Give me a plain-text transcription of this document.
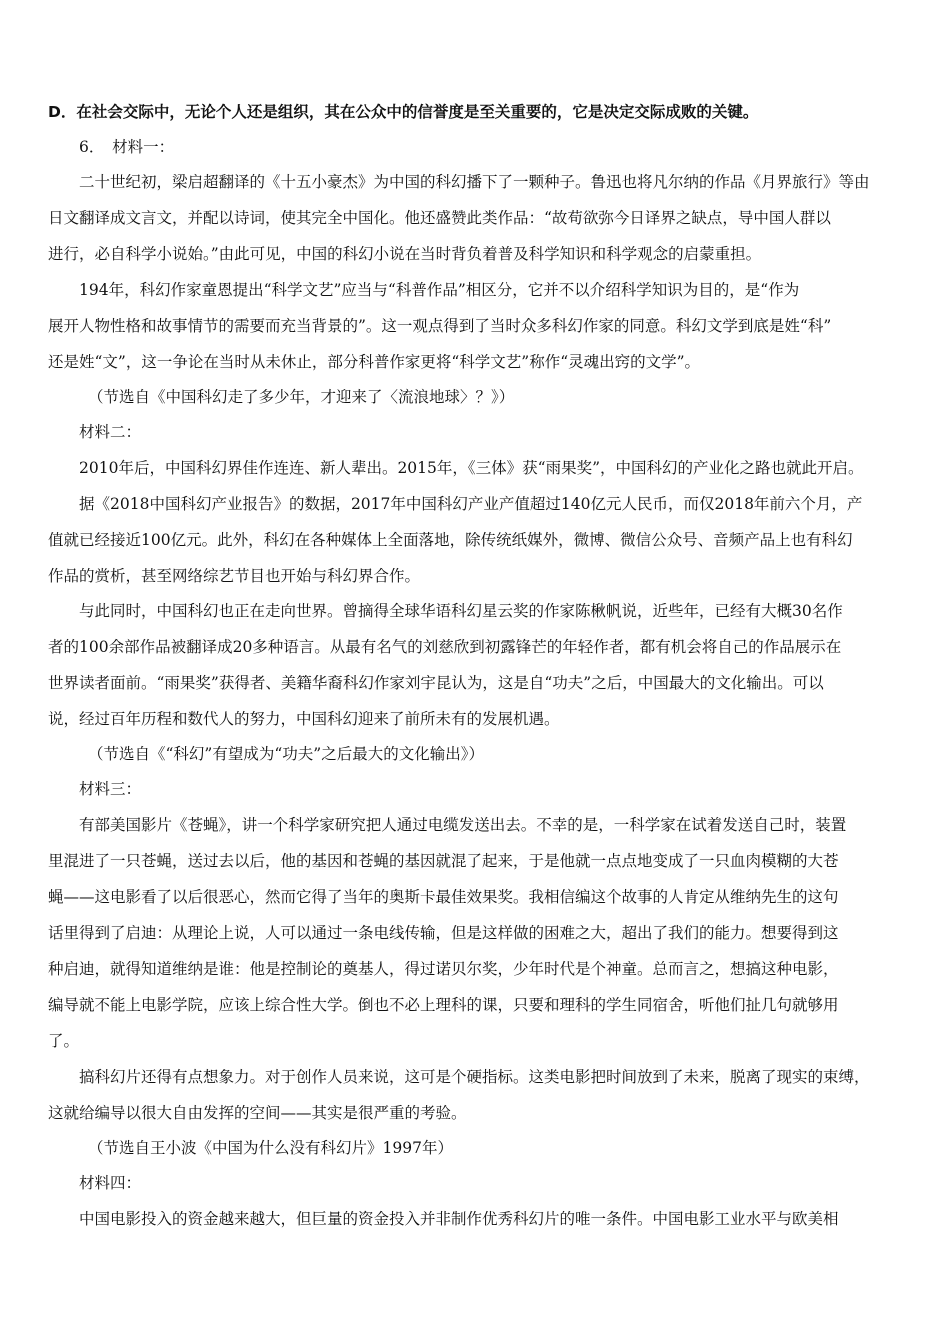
D．在社会交际中，无论个人还是组织，其在公众中的信誉度是至关重要的，它是决定交际成败的关键。
6．　材料一：
二十世纪初，梁启超翻译的《十五小豪杰》为中国的科幻播下了一颗种子。鲁迅也将凡尔纳的作品《月界旅行》等由
日文翻译成文言文，并配以诗词，使其完全中国化。他还盛赞此类作品：“故苟欲弥今日译界之缺点，导中国人群以
进行，必自科学小说始。”由此可见，中国的科幻小说在当时背负着普及科学知识和科学观念的启蒙重担。
194年，科幻作家童恩提出“科学文艺”应当与“科普作品”相区分，它并不以介绍科学知识为目的，是“作为
展开人物性格和故事情节的需要而充当背景的”。这一观点得到了当时众多科幻作家的同意。科幻文学到底是姓“科”
还是姓“文”，这一争论在当时从未休止，部分科普作家更将“科学文艺”称作“灵魂出窍的文学”。
（节选自《中国科幻走了多少年，才迎来了〈流浪地球〉？》）
材料二：
2010年后，中国科幻界佳作连连、新人辈出。2015年，《三体》获“雨果奖”，中国科幻的产业化之路也就此开启。
据《2018中国科幻产业报告》的数据，2017年中国科幻产业产值超过140亿元人民币，而仅2018年前六个月，产
值就已经接近100亿元。此外，科幻在各种媒体上全面落地，除传统纸媒外，微博、微信公众号、音频产品上也有科幻
作品的赏析，甚至网络综艺节目也开始与科幻界合作。
与此同时，中国科幻也正在走向世界。曾摘得全球华语科幻星云奖的作家陈楸帆说，近些年，已经有大概30名作
者的100余部作品被翻译成20多种语言。从最有名气的刘慈欣到初露锋芒的年轻作者，都有机会将自己的作品展示在
世界读者面前。“雨果奖”获得者、美籍华裔科幻作家刘宇昆认为，这是自“功夫”之后，中国最大的文化输出。可以
说，经过百年历程和数代人的努力，中国科幻迎来了前所未有的发展机遇。
（节选自《“科幻”有望成为“功夫”之后最大的文化输出》）
材料三：
有部美国影片《苍蝇》，讲一个科学家研究把人通过电缆发送出去。不幸的是，一科学家在试着发送自己时，装置
里混进了一只苍蝇，送过去以后，他的基因和苍蝇的基因就混了起来，于是他就一点点地变成了一只血肉模糊的大苍
蝇——这电影看了以后很恶心，然而它得了当年的奥斯卡最佳效果奖。我相信编这个故事的人肯定从维纳先生的这句
话里得到了启迪：从理论上说，人可以通过一条电线传输，但是这样做的困难之大，超出了我们的能力。想要得到这
种启迪，就得知道维纳是谁：他是控制论的奠基人，得过诺贝尔奖，少年时代是个神童。总而言之，想搞这种电影，
编导就不能上电影学院，应该上综合性大学。倒也不必上理科的课，只要和理科的学生同宿舍，听他们扯几句就够用
了。
搞科幻片还得有点想象力。对于创作人员来说，这可是个硬指标。这类电影把时间放到了未来，脱离了现实的束缚，
这就给编导以很大自由发挥的空间——其实是很严重的考验。
（节选自王小波《中国为什么没有科幻片》1997年）
材料四：
中国电影投入的资金越来越大，但巨量的资金投入并非制作优秀科幻片的唯一条件。中国电影工业水平与欧美相
